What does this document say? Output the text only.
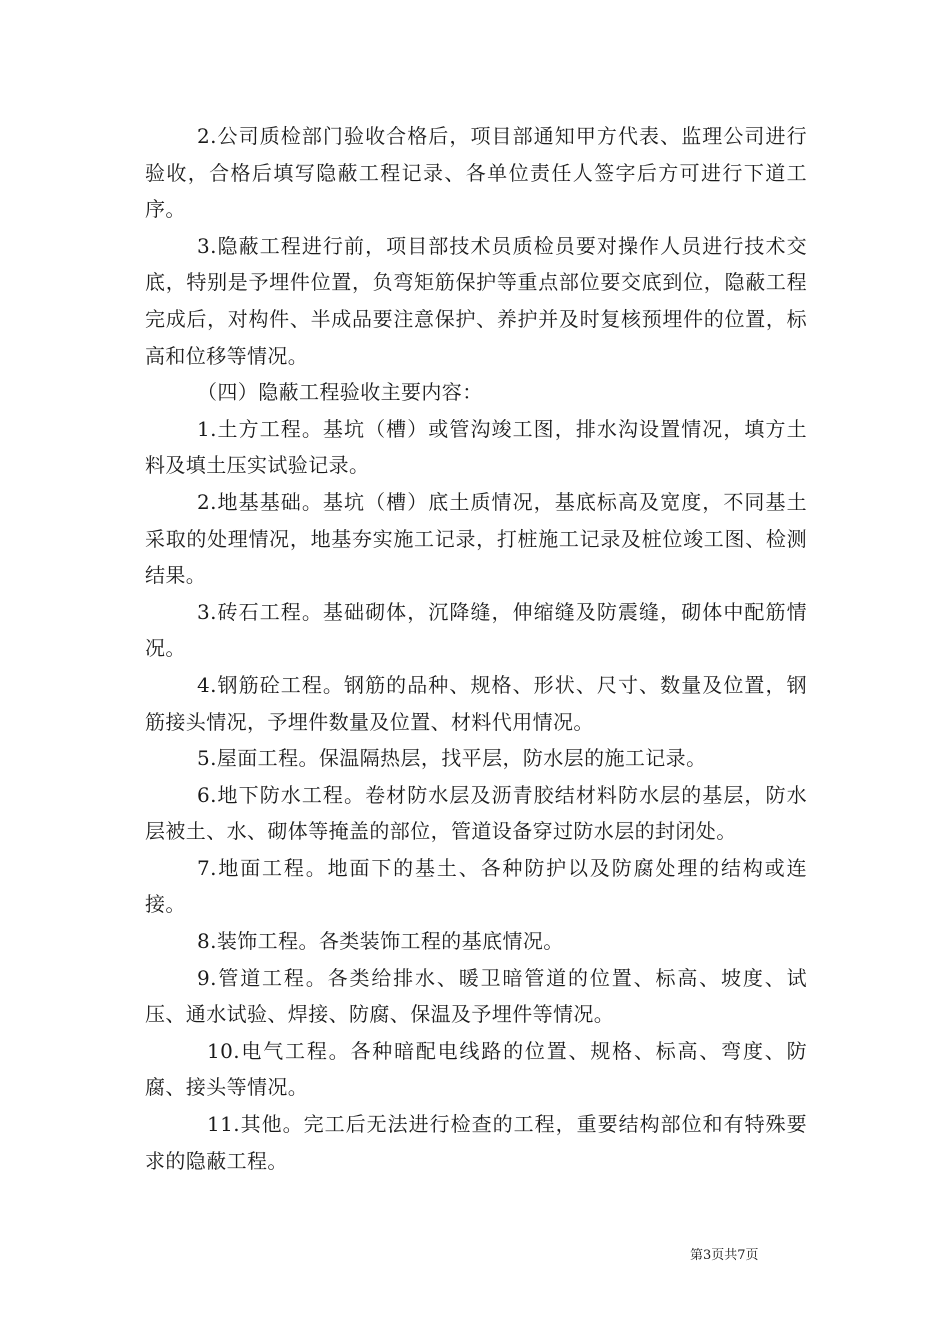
2.公司质检部门验收合格后，项目部通知甲方代表、监理公司进行验收，合格后填写隐蔽工程记录、各单位责任人签字后方可进行下道工序。

3.隐蔽工程进行前，项目部技术员质检员要对操作人员进行技术交底，特别是予埋件位置，负弯矩筋保护等重点部位要交底到位，隐蔽工程完成后，对构件、半成品要注意保护、养护并及时复核预埋件的位置，标高和位移等情况。

（四）隐蔽工程验收主要内容：

1.土方工程。基坑（槽）或管沟竣工图，排水沟设置情况，填方土料及填土压实试验记录。

2.地基基础。基坑（槽）底土质情况，基底标高及宽度，不同基土采取的处理情况，地基夯实施工记录，打桩施工记录及桩位竣工图、检测结果。

3.砖石工程。基础砌体，沉降缝，伸缩缝及防震缝，砌体中配筋情况。

4.钢筋砼工程。钢筋的品种、规格、形状、尺寸、数量及位置，钢筋接头情况，予埋件数量及位置、材料代用情况。

5.屋面工程。保温隔热层，找平层，防水层的施工记录。

6.地下防水工程。卷材防水层及沥青胶结材料防水层的基层，防水层被土、水、砌体等掩盖的部位，管道设备穿过防水层的封闭处。

7.地面工程。地面下的基土、各种防护以及防腐处理的结构或连接。

8.装饰工程。各类装饰工程的基底情况。

9.管道工程。各类给排水、暖卫暗管道的位置、标高、坡度、试压、通水试验、焊接、防腐、保温及予埋件等情况。

10.电气工程。各种暗配电线路的位置、规格、标高、弯度、防腐、接头等情况。

11.其他。完工后无法进行检查的工程，重要结构部位和有特殊要求的隐蔽工程。

第3页共7页
